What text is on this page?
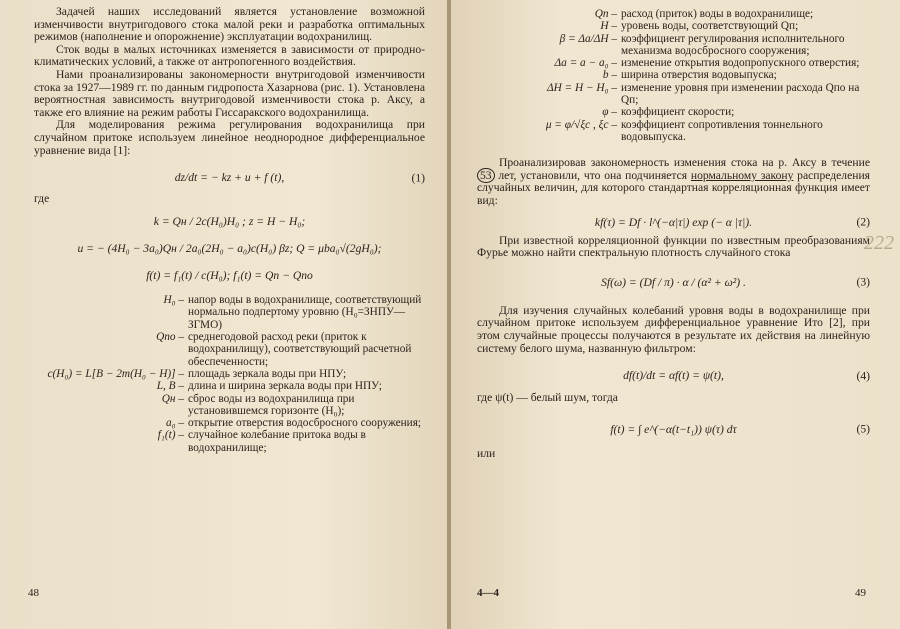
Задачей наших исследований является установление возможной изменчивости внутригодового стока малой реки и разработка оптимальных режимов (наполнение и опорожнение) эксплуатации водохранилищ.

Сток воды в малых источниках изменяется в зависимости от природно-климатических условий, а также от антропогенного воздействия.

Нами проанализированы закономерности внутригодовой изменчивости стока за 1927—1989 гг. по данным гидропоста Хазарнова (рис. 1). Установлена вероятностная зависимость внутригодовой изменчивости стока р. Аксу, а также его влияние на режим работы Гиссаракского водохранилища.

Для моделирования режима регулирования водохранилища при случайном притоке используем линейное неоднородное дифференциальное уравнение вида [1]:

dz/dt = − kz + u + f (t),	(1)
где
k = Qн / 2c(H₀)H₀ ; z = H − H₀;
u = − (4H₀ − 3a₀)Qн / 2a₀(2H₀ − a₀)c(H₀) βz; Q = μba₀√(2gH₀);
f(t) = f₁(t) / c(H₀); f₁(t) = Qп − Qпо
H₀ – напор воды в водохранилище, соответствующий нормально подпертому уровню (H₀=ЗНПУ—ЗГМО)
Qпо – среднегодовой расход реки (приток к водохранилищу), соответствующий расчетной обеспеченности;
c(H₀) = L[B − 2m(H₀ − H)] – площадь зеркала воды при НПУ;
L, B – длина и ширина зеркала воды при НПУ;
Qн – сброс воды из водохранилища при установившемся горизонте (H₀);
a₀ – открытие отверстия водосбросного сооружения;
f₁(t) – случайное колебание притока воды в водохранилище;
48
Qп – расход (приток) воды в водохранилище;
H – уровень воды, соответствующий Qп;
β = Δa/ΔH – коэффициент регулирования исполнительного механизма водосбросного сооружения;
Δa = a − a₀ – изменение открытия водопропускного отверстия;
b – ширина отверстия водовыпуска;
ΔH = H − H₀ – изменение уровня при изменении расхода Qпо на Qп;
φ – коэффициент скорости;
μ = φ/√ξc , ξc – коэффициент сопротивления тоннельного водовыпуска.

Проанализировав закономерность изменения стока на р. Аксу в течение 53 лет, установили, что она подчиняется нормальному закону распределения случайных величин, для которого стандартная корреляционная функция имеет вид:

kf(τ) = Df · l^(−α|τ|) exp (− α |τ|).	(2)

При известной корреляционной функции по известным преобразованиям Фурье можно найти спектральную плотность случайного стока

Sf(ω) = (Df / π) · α / (α² + ω²) .	(3)

Для изучения случайных колебаний уровня воды в водохранилище при случайном притоке используем дифференциальное уравнение Ито [2], при этом случайные процессы получаются в результате их действия на линейную систему белого шума, названную фильтром:

df(t)/dt = αf(t) = ψ(t),	(4)

где ψ(t) — белый шум, тогда

f(t) = ∫ e^(−α(t−t₁)) ψ(τ) dτ	(5)

или

222
4—4	49
